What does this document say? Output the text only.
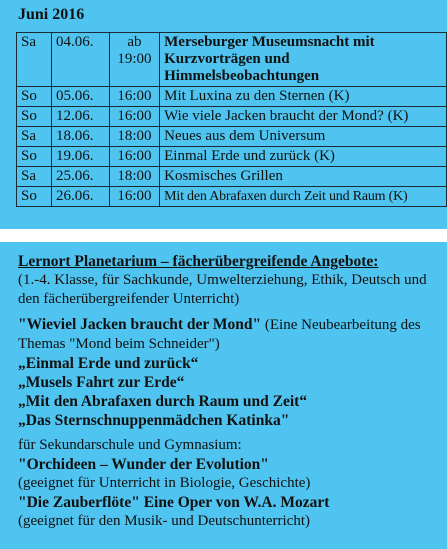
Juni 2016
Sa	04.06.	ab 19:00	Merseburger Museumsnacht mit Kurzvorträgen und Himmelsbeobachtungen
So	05.06.	16:00	Mit Luxina zu den Sternen (K)
So	12.06.	16:00	Wie viele Jacken braucht der Mond? (K)
Sa	18.06.	18:00	Neues aus dem Universum
So	19.06.	16:00	Einmal Erde und zurück (K)
Sa	25.06.	18:00	Kosmisches Grillen
So	26.06.	16:00	Mit den Abrafaxen durch Zeit und Raum (K)
Lernort Planetarium – fächerübergreifende Angebote:
(1.-4. Klasse, für Sachkunde, Umwelterziehung, Ethik, Deutsch und den fächerübergreifender Unterricht)
"Wieviel Jacken braucht der Mond" (Eine Neubearbeitung des Themas "Mond beim Schneider")
„Einmal Erde und zurück“
„Musels Fahrt zur Erde“
„Mit den Abrafaxen durch Raum und Zeit“
„Das Sternschnuppenmädchen Katinka"
für Sekundarschule und Gymnasium:
"Orchideen – Wunder der Evolution"
(geeignet für Unterricht in Biologie, Geschichte)
"Die Zauberflöte" Eine Oper von W.A. Mozart
(geeignet für den Musik- und Deutschunterricht)
